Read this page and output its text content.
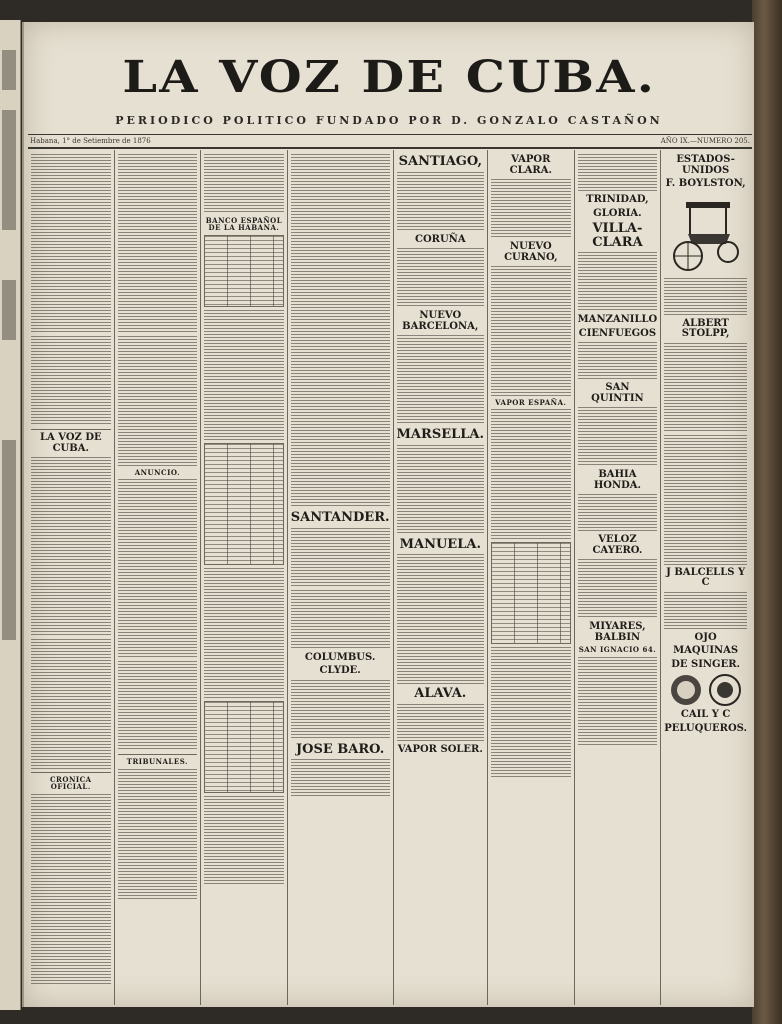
LA VOZ DE CUBA.
PERIODICO POLITICO FUNDADO POR D. GONZALO CASTAÑON
Habana, 1° de Setiembre de 1876	AÑO IX.—NUMERO 205.
LA VOZ DE CUBA.
CRONICA OFICIAL.
ANUNCIO.
TRIBUNALES.
BANCO ESPAÑOL DE LA HABANA.
SANTANDER.
COLUMBUS.
CLYDE.
JOSE BARO.
SANTIAGO,
CORUÑA
NUEVO BARCELONA,
MARSELLA.
MANUELA.
ALAVA.
VAPOR SOLER.
VAPOR CLARA.
NUEVO CURANO,
VAPOR ESPAÑA.
TRINIDAD,
GLORIA.
VILLA-CLARA
MANZANILLO
CIENFUEGOS
SAN QUINTIN
BAHIA HONDA.
VELOZ CAYERO.
MIYARES, BALBIN
SAN IGNACIO 64.
ESTADOS-UNIDOS
F. BOYLSTON,
ALBERT STOLPP,
J BALCELLS Y C
OJO
MAQUINAS
DE SINGER.

CAIL Y C
PELUQUEROS.
